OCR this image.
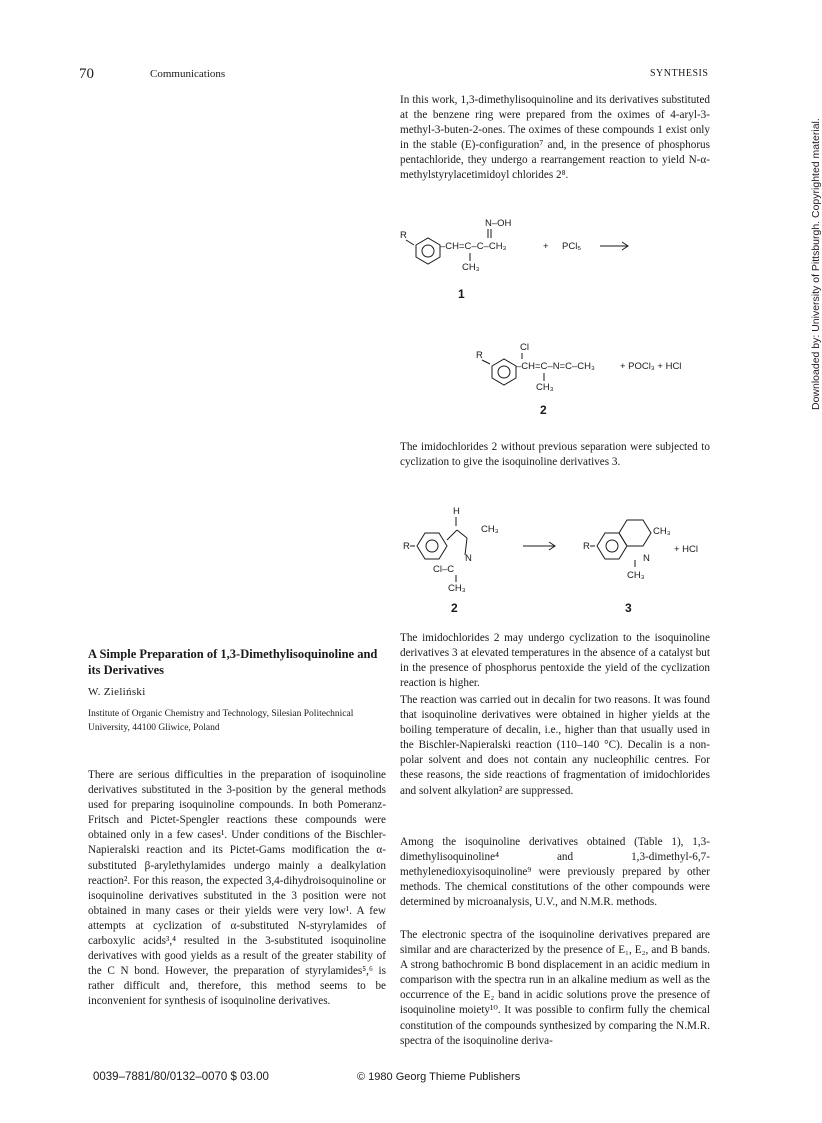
70	Communications	SYNTHESIS
Downloaded by: University of Pittsburgh. Copyrighted material.

In this work, 1,3-dimethylisoquinoline and its derivatives substituted at the benzene ring were prepared from the oximes of 4-aryl-3-methyl-3-buten-2-ones. The oximes of these compounds 1 exist only in the stable (E)-configuration⁷ and, in the presence of phosphorus pentachloride, they undergo a rearrangement reaction to yield N-α-methylstyrylacetimidoyl chlorides 2⁸.

R
N–OH
–CH=C–C–CH₃
CH₃
+ PCl₅
1
Cl
R
–CH=C–N=C–CH₃
CH₃
+ POCl₃ + HCl
2

The imidochlorides 2 without previous separation were subjected to cyclization to give the isoquinoline derivatives 3.

H
CH₃
R
N
Cl–C
CH₃
R
CH₃
N
+ HCl
CH₃
2	3

The imidochlorides 2 may undergo cyclization to the isoquinoline derivatives 3 at elevated temperatures in the absence of a catalyst but in the presence of phosphorus pentoxide the yield of the cyclization reaction is higher.

The reaction was carried out in decalin for two reasons. It was found that isoquinoline derivatives were obtained in higher yields at the boiling temperature of decalin, i.e., higher than that usually used in the Bischler-Napieralski reaction (110–140 °C). Decalin is a non-polar solvent and does not contain any nucleophilic centres. For these reasons, the side reactions of fragmentation of imidochlorides and solvent alkylation² are suppressed.

Among the isoquinoline derivatives obtained (Table 1), 1,3-dimethylisoquinoline⁴ and 1,3-dimethyl-6,7-methylenedioxyisoquinoline⁹ were previously prepared by other methods. The chemical constitutions of the other compounds were determined by microanalysis, U.V., and N.M.R. methods.

The electronic spectra of the isoquinoline derivatives prepared are similar and are characterized by the presence of E₁, E₂, and B bands. A strong bathochromic B bond displacement in an acidic medium in comparison with the spectra run in an alkaline medium as well as the occurrence of the E₂ band in acidic solutions prove the presence of isoquinoline moiety¹⁰. It was possible to confirm fully the chemical constitution of the compounds synthesized by comparing the N.M.R. spectra of the isoquinoline deriva-

A Simple Preparation of 1,3-Dimethylisoquinoline and its Derivatives
W. Zieliński

Institute of Organic Chemistry and Technology, Silesian Politechnical University, 44100 Gliwice, Poland

There are serious difficulties in the preparation of isoquinoline derivatives substituted in the 3-position by the general methods used for preparing isoquinoline compounds. In both Pomeranz-Fritsch and Pictet-Spengler reactions these compounds were obtained only in a few cases¹. Under conditions of the Bischler-Napieralski reaction and its Pictet-Gams modification the α-substituted β-arylethylamides undergo mainly a dealkylation reaction². For this reason, the expected 3,4-dihydroisoquinoline or isoquinoline derivatives substituted in the 3 position were not obtained in many cases or their yields were very low¹. A few attempts at cyclization of α-substituted N-styrylamides of carboxylic acids³,⁴ resulted in the 3-substituted isoquinoline derivatives with good yields as a result of the greater stability of the C N bond. However, the preparation of styrylamides⁵,⁶ is rather difficult and, therefore, this method seems to be inconvenient for synthesis of isoquinoline derivatives.

0039–7881/80/0132–0070 $ 03.00	© 1980 Georg Thieme Publishers
